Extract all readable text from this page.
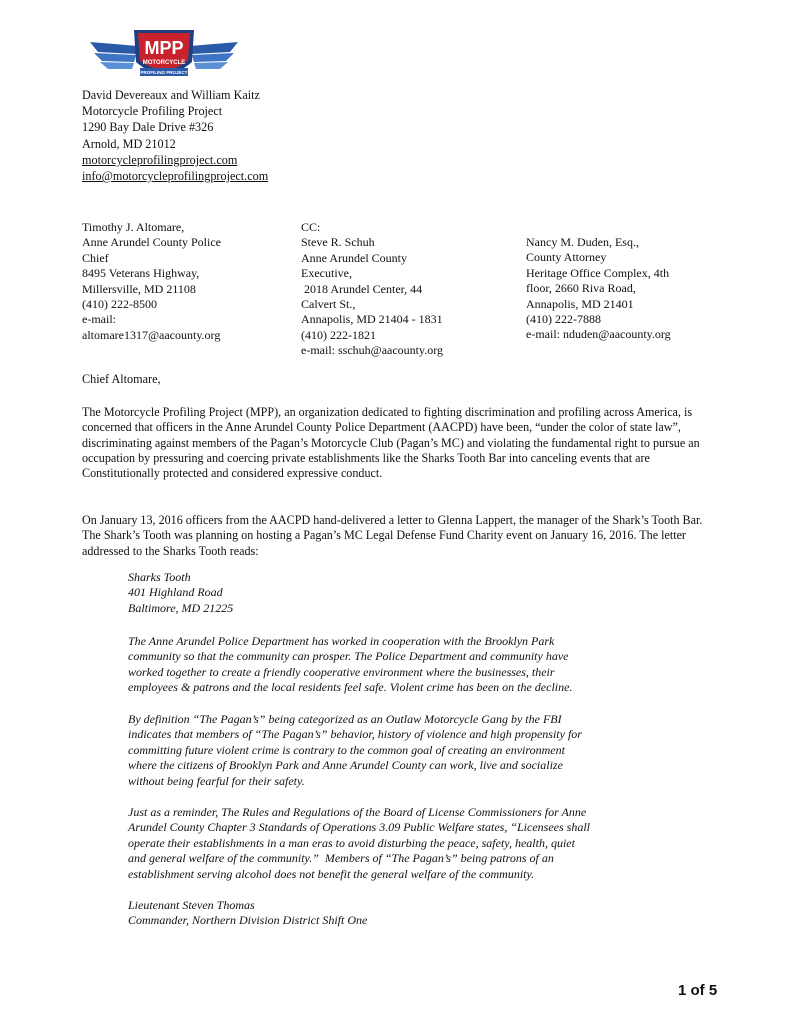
MPP
MOTORCYCLE
PROFILING PROJECT
David Devereaux and William Kaitz
Motorcycle Profiling Project
1290 Bay Dale Drive #326
Arnold, MD 21012
motorcycleprofilingproject.com
info@motorcycleprofilingproject.com
Timothy J. Altomare,
Anne Arundel County Police
Chief
8495 Veterans Highway,
Millersville, MD 21108
(410) 222-8500
e-mail:
altomare1317@aacounty.org
CC:
Steve R. Schuh
Anne Arundel County
Executive,
2018 Arundel Center, 44
Calvert St.,
Annapolis, MD 21404 - 1831
(410) 222-1821
e-mail: sschuh@aacounty.org
Nancy M. Duden, Esq.,
County Attorney
Heritage Office Complex, 4th
floor, 2660 Riva Road,
Annapolis, MD 21401
(410) 222-7888
e-mail: nduden@aacounty.org
Chief Altomare,
The Motorcycle Profiling Project (MPP), an organization dedicated to fighting discrimination and profiling across America, is concerned that officers in the Anne Arundel County Police Department (AACPD) have been, “under the color of state law”, discriminating against members of the Pagan’s Motorcycle Club (Pagan’s MC) and violating the fundamental right to pursue an occupation by pressuring and coercing private establishments like the Sharks Tooth Bar into canceling events that are Constitutionally protected and considered expressive conduct.
On January 13, 2016 officers from the AACPD hand-delivered a letter to Glenna Lappert, the manager of the Shark’s Tooth Bar. The Shark’s Tooth was planning on hosting a Pagan’s MC Legal Defense Fund Charity event on January 16, 2016. The letter addressed to the Sharks Tooth reads:
Sharks Tooth
401 Highland Road
Baltimore, MD 21225
The Anne Arundel Police Department has worked in cooperation with the Brooklyn Park
community so that the community can prosper. The Police Department and community have
worked together to create a friendly cooperative environment where the businesses, their
employees & patrons and the local residents feel safe. Violent crime has been on the decline.
By definition “The Pagan’s” being categorized as an Outlaw Motorcycle Gang by the FBI
indicates that members of “The Pagan’s” behavior, history of violence and high propensity for
committing future violent crime is contrary to the common goal of creating an environment
where the citizens of Brooklyn Park and Anne Arundel County can work, live and socialize
without being fearful for their safety.
Just as a reminder, The Rules and Regulations of the Board of License Commissioners for Anne
Arundel County Chapter 3 Standards of Operations 3.09 Public Welfare states, “Licensees shall
operate their establishments in a man eras to avoid disturbing the peace, safety, health, quiet
and general welfare of the community.”  Members of “The Pagan’s” being patrons of an
establishment serving alcohol does not benefit the general welfare of the community.
Lieutenant Steven Thomas
Commander, Northern Division District Shift One
1 of 5
